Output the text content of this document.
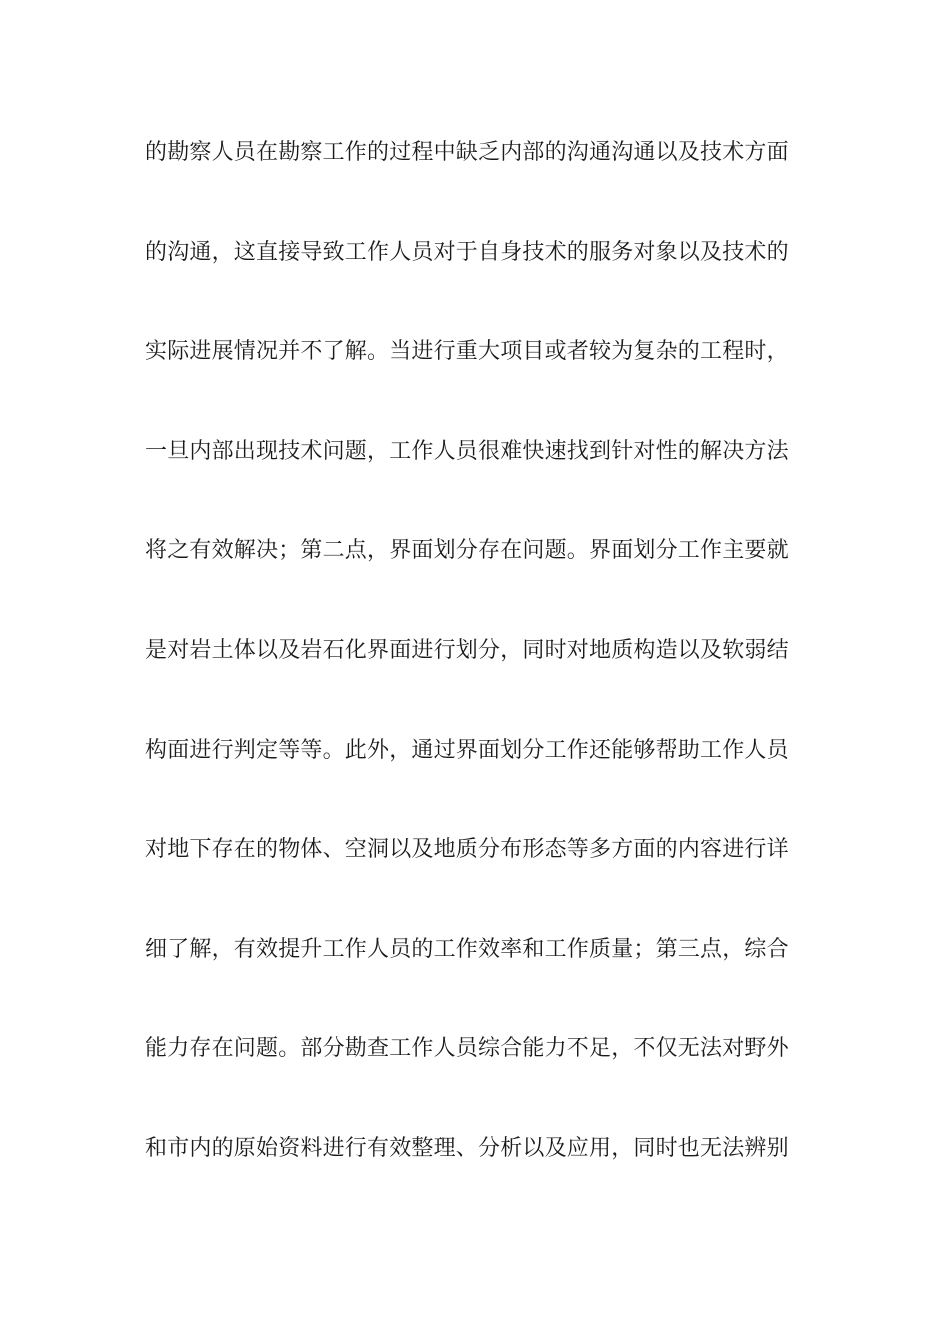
的勘察人员在勘察工作的过程中缺乏内部的沟通沟通以及技术方面
的沟通，这直接导致工作人员对于自身技术的服务对象以及技术的
实际进展情况并不了解。当进行重大项目或者较为复杂的工程时，
一旦内部出现技术问题，工作人员很难快速找到针对性的解决方法
将之有效解决；第二点，界面划分存在问题。界面划分工作主要就
是对岩土体以及岩石化界面进行划分，同时对地质构造以及软弱结
构面进行判定等等。此外，通过界面划分工作还能够帮助工作人员
对地下存在的物体、空洞以及地质分布形态等多方面的内容进行详
细了解，有效提升工作人员的工作效率和工作质量；第三点，综合
能力存在问题。部分勘查工作人员综合能力不足，不仅无法对野外
和市内的原始资料进行有效整理、分析以及应用，同时也无法辨别
